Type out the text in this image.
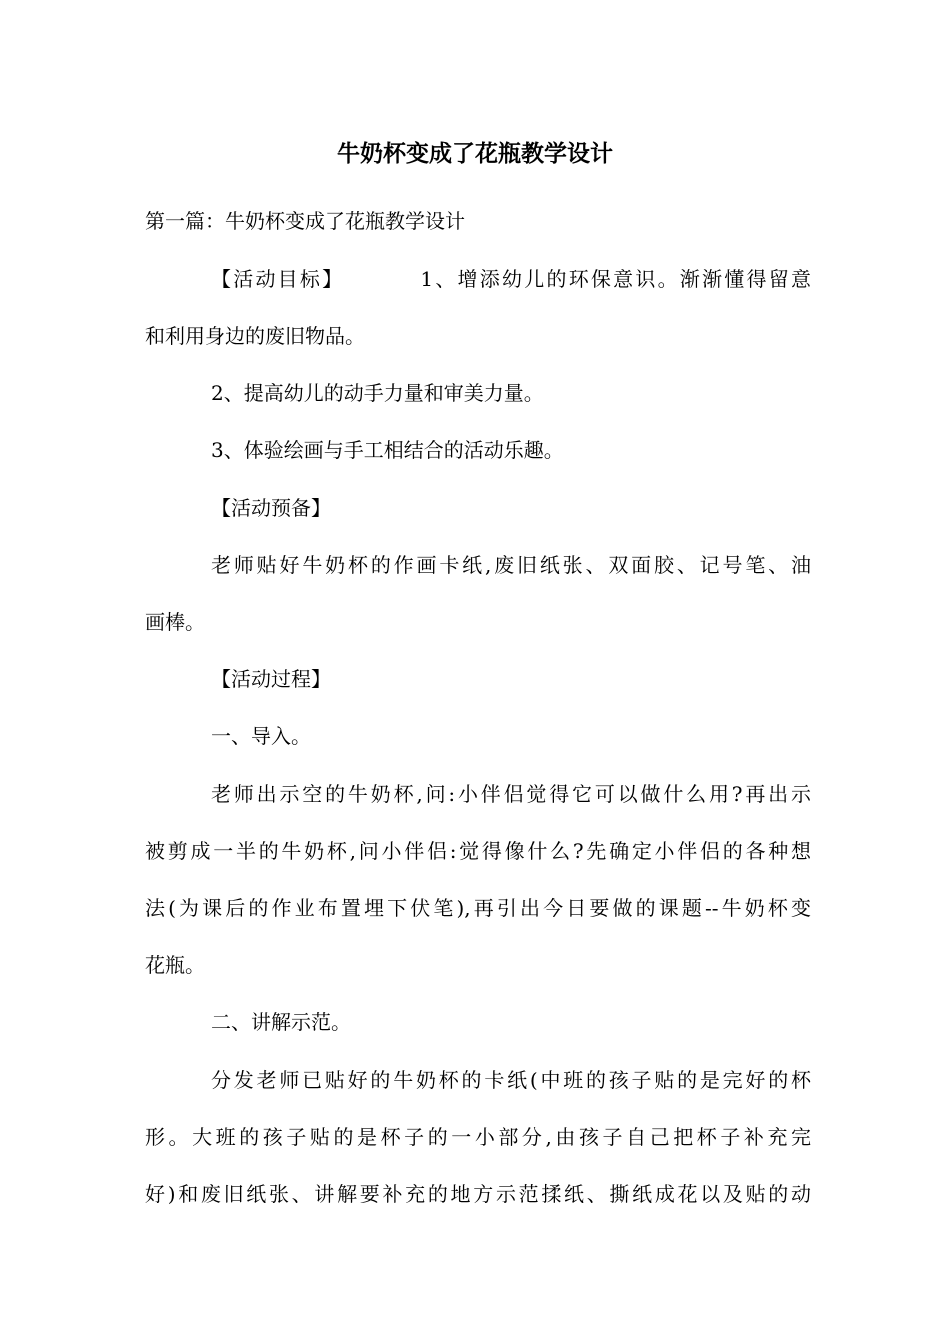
牛奶杯变成了花瓶教学设计

第一篇：牛奶杯变成了花瓶教学设计

【活动目标】	1、增添幼儿的环保意识。渐渐懂得留意

和利用身边的废旧物品。

2、提高幼儿的动手力量和审美力量。

3、体验绘画与手工相结合的活动乐趣。

【活动预备】

老师贴好牛奶杯的作画卡纸,废旧纸张、双面胶、记号笔、油

画棒。

【活动过程】

一、导入。

老师出示空的牛奶杯,问:小伴侣觉得它可以做什么用?再出示

被剪成一半的牛奶杯,问小伴侣:觉得像什么?先确定小伴侣的各种想

法(为课后的作业布置埋下伏笔),再引出今日要做的课题--牛奶杯变

花瓶。

二、讲解示范。

分发老师已贴好的牛奶杯的卡纸(中班的孩子贴的是完好的杯

形。大班的孩子贴的是杯子的一小部分,由孩子自己把杯子补充完

好)和废旧纸张、讲解要补充的地方示范揉纸、撕纸成花以及贴的动
